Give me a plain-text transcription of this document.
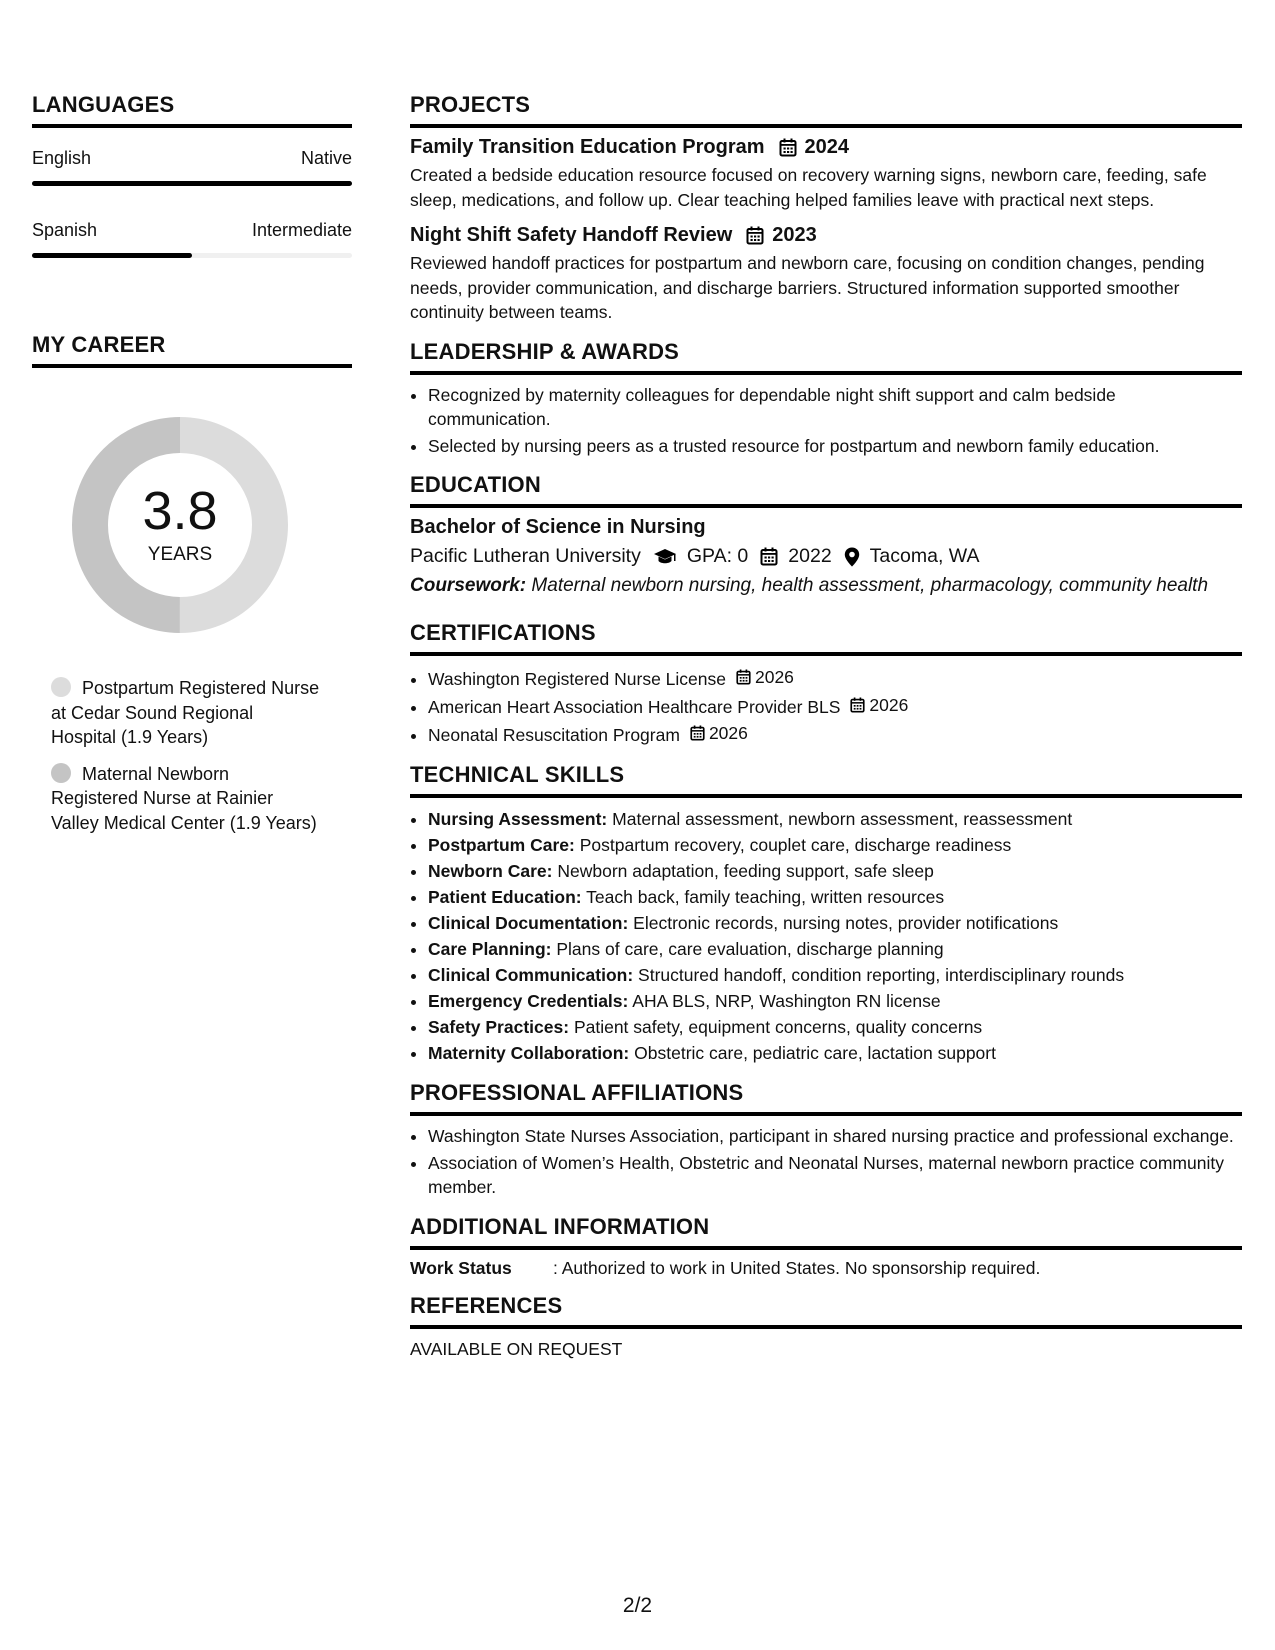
LANGUAGES
English	Native
Spanish	Intermediate
MY CAREER
3.8
YEARS
Postpartum Registered Nurse at Cedar Sound Regional Hospital (1.9 Years)
Maternal Newborn Registered Nurse at Rainier Valley Medical Center (1.9 Years)
PROJECTS
Family Transition Education Program 2024
Created a bedside education resource focused on recovery warning signs, newborn care, feeding, safe sleep, medications, and follow up. Clear teaching helped families leave with practical next steps.
Night Shift Safety Handoff Review 2023
Reviewed handoff practices for postpartum and newborn care, focusing on condition changes, pending needs, provider communication, and discharge barriers. Structured information supported smoother continuity between teams.
LEADERSHIP & AWARDS
• Recognized by maternity colleagues for dependable night shift support and calm bedside communication.
• Selected by nursing peers as a trusted resource for postpartum and newborn family education.
EDUCATION
Bachelor of Science in Nursing
Pacific Lutheran University GPA: 0 2022 Tacoma, WA
Coursework: Maternal newborn nursing, health assessment, pharmacology, community health
CERTIFICATIONS
• Washington Registered Nurse License 2026
• American Heart Association Healthcare Provider BLS 2026
• Neonatal Resuscitation Program 2026
TECHNICAL SKILLS
• Nursing Assessment: Maternal assessment, newborn assessment, reassessment
• Postpartum Care: Postpartum recovery, couplet care, discharge readiness
• Newborn Care: Newborn adaptation, feeding support, safe sleep
• Patient Education: Teach back, family teaching, written resources
• Clinical Documentation: Electronic records, nursing notes, provider notifications
• Care Planning: Plans of care, care evaluation, discharge planning
• Clinical Communication: Structured handoff, condition reporting, interdisciplinary rounds
• Emergency Credentials: AHA BLS, NRP, Washington RN license
• Safety Practices: Patient safety, equipment concerns, quality concerns
• Maternity Collaboration: Obstetric care, pediatric care, lactation support
PROFESSIONAL AFFILIATIONS
• Washington State Nurses Association, participant in shared nursing practice and professional exchange.
• Association of Women’s Health, Obstetric and Neonatal Nurses, maternal newborn practice community member.
ADDITIONAL INFORMATION
Work Status	: Authorized to work in United States. No sponsorship required.
REFERENCES
AVAILABLE ON REQUEST
2/2
